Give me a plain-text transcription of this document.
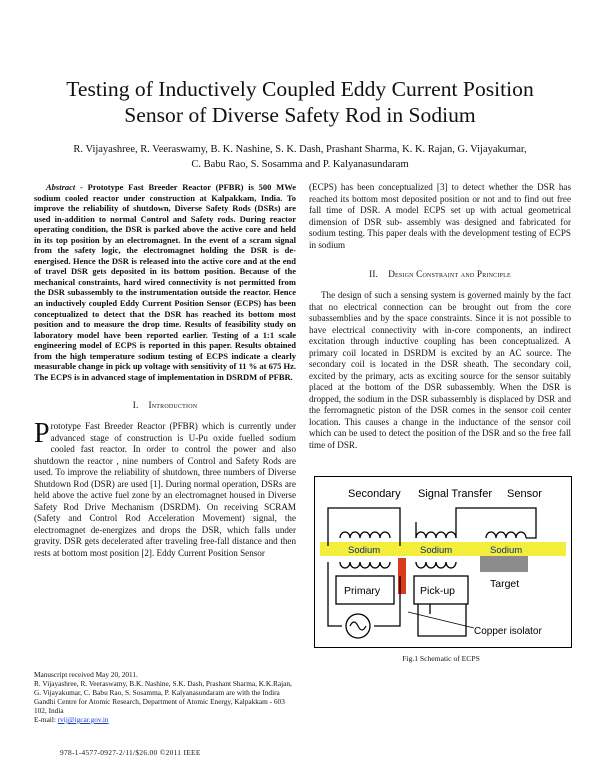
Testing of Inductively Coupled Eddy Current Position
Sensor of Diverse Safety Rod in Sodium
R. Vijayashree, R. Veeraswamy, B. K. Nashine, S. K. Dash, Prashant Sharma, K. K. Rajan, G. Vijayakumar,
C. Babu Rao, S. Sosamma and P. Kalyanasundaram

Abstract - Prototype Fast Breeder Reactor (PFBR) is 500 MWe sodium cooled reactor under construction at Kalpakkam, India. To improve the reliability of shutdown, Diverse Safety Rods (DSRs) are used in-addition to normal Control and Safety rods. During reactor operating condition, the DSR is parked above the active core and held in its top position by an electromagnet. In the event of a scram signal from the safety logic, the electromagnet holding the DSR is de-energised. Hence the DSR is released into the active core and at the end of travel DSR gets deposited in its bottom position. Because of the mechanical constraints, hard wired connectivity is not permitted from the DSR subassembly to the instrumentation outside the reactor. Hence an inductively coupled Eddy Current Position Sensor (ECPS) has been conceptualized to detect that the DSR has reached its bottom most position and to measure the drop time. Results of feasibility study on laboratory model have been reported earlier. Testing of a 1:1 scale engineering model of ECPS is reported in this paper. Results obtained from the high temperature sodium testing of ECPS indicate a clearly measurable change in pick up voltage with sensitivity of 11 % at 675 Hz. The ECPS is in advanced stage of implementation in DSRDM of PFBR.

I. Introduction

Prototype Fast Breeder Reactor (PFBR) which is currently under advanced stage of construction is U-Pu oxide fuelled sodium cooled fast reactor. In order to control the power and also shutdown the reactor , nine numbers of Control and Safety Rods are used. To improve the reliability of shutdown, three numbers of Diverse Shutdown Rod (DSR) are used [1]. During normal operation, DSRs are held above the active fuel zone by an electromagnet housed in Diverse Safety Rod Drive Mechanism (DSRDM). On receiving SCRAM (Safety and Control Rod Acceleration Movement) signal, the electromagnet de-energizes and drops the DSR, which falls under gravity. DSR gets decelerated after traveling free-fall distance and then rests at bottom most position [2]. Eddy Current Position Sensor

(ECPS) has been conceptualized [3] to detect whether the DSR has reached its bottom most deposited position or not and to find out free fall time of DSR. A model ECPS set up with actual geometrical dimension of DSR sub- assembly was designed and fabricated for sodium testing. This paper deals with the development testing of ECPS in sodium

II. Design Constraint and Principle

The design of such a sensing system is governed mainly by the fact that no electrical connection can be brought out from the core subassemblies and by the space constraints. Since it is not possible to have electrical connectivity with in-core components, an indirect excitation through inductive coupling has been conceptualized. A primary coil located in DSRDM is excited by an AC source. The secondary coil is located in the DSR sheath. The secondary coil, excited by the primary, acts as exciting source for the sensor suitably placed at the bottom of the DSR subassembly. When the DSR is dropped, the sodium in the DSR subassembly is displaced by DSR and the ferromagnetic piston of the DSR comes in the sensor coil center location. This causes a change in the inductance of the sensor coil which can be used to detect the position of the DSR and so the free fall time of DSR.

Secondary Signal Transfer Sensor
Sodium	Sodium	Sodium
Target
Primary	Pick-up
Copper isolator
Fig.1 Schematic of ECPS
Manuscript received May 20, 2011.
R. Vijayashree, R. Veeraswamy, B.K. Nashine, S.K. Dash, Prashant Sharma, K.K.Rajan, G. Vijayakumar, C. Babu Rao, S. Sosamma, P. Kalyanasundaram are with the Indira Gandhi Centre for Atomic Research, Department of Atomic Energy, Kalpakkam - 603 102, India
E-mail: rvij@igcar.gov.in
978-1-4577-0927-2/11/$26.00 ©2011 IEEE
